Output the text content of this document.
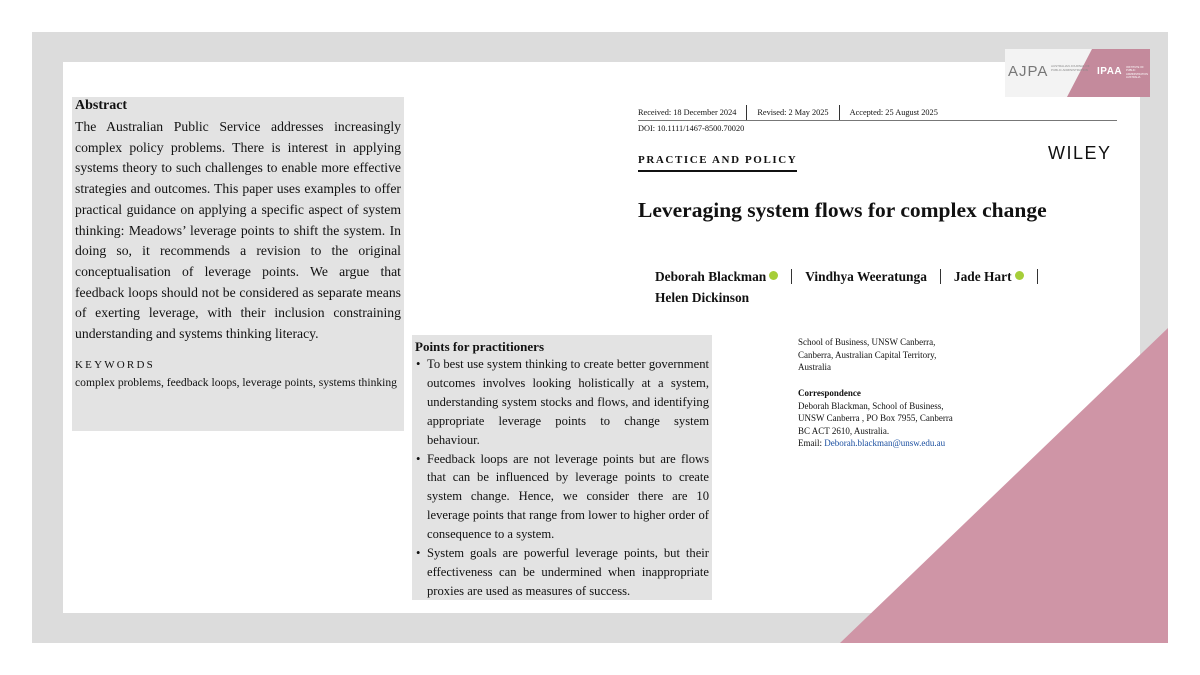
AJPA AUSTRALIAN JOURNAL OF PUBLIC ADMINISTRATION IPAA INSTITUTE OF PUBLIC ADMINISTRATION AUSTRALIA
Abstract
The Australian Public Service addresses increasingly complex policy problems. There is interest in applying systems theory to such challenges to enable more effective strategies and outcomes. This paper uses examples to offer practical guidance on applying a specific aspect of system thinking: Meadows’ leverage points to shift the system. In doing so, it recommends a revision to the original conceptualisation of leverage points. We argue that feedback loops should not be considered as separate means of exerting leverage, with their inclusion constraining understanding and systems thinking literacy.
KEYWORDS
complex problems, feedback loops, leverage points, systems thinking
Points for practitioners
• To best use system thinking to create better government outcomes involves looking holistically at a system, understanding system stocks and flows, and identifying appropriate leverage points to change system behaviour.
• Feedback loops are not leverage points but are flows that can be influenced by leverage points to create system change. Hence, we consider there are 10 leverage points that range from lower to higher order of consequence to a system.
• System goals are powerful leverage points, but their effectiveness can be undermined when inappropriate proxies are used as measures of success.
Received: 18 December 2024	Revised: 2 May 2025	Accepted: 25 August 2025
DOI: 10.1111/1467-8500.70020
PRACTICE AND POLICY	WILEY
Leveraging system flows for complex change
Deborah Blackman	Vindhya Weeratunga Jade Hart
Helen Dickinson
School of Business, UNSW Canberra,
Canberra, Australian Capital Territory,
Australia
Correspondence
Deborah Blackman, School of Business,
UNSW Canberra , PO Box 7955, Canberra
BC ACT 2610, Australia.
Email: Deborah.blackman@unsw.edu.au
